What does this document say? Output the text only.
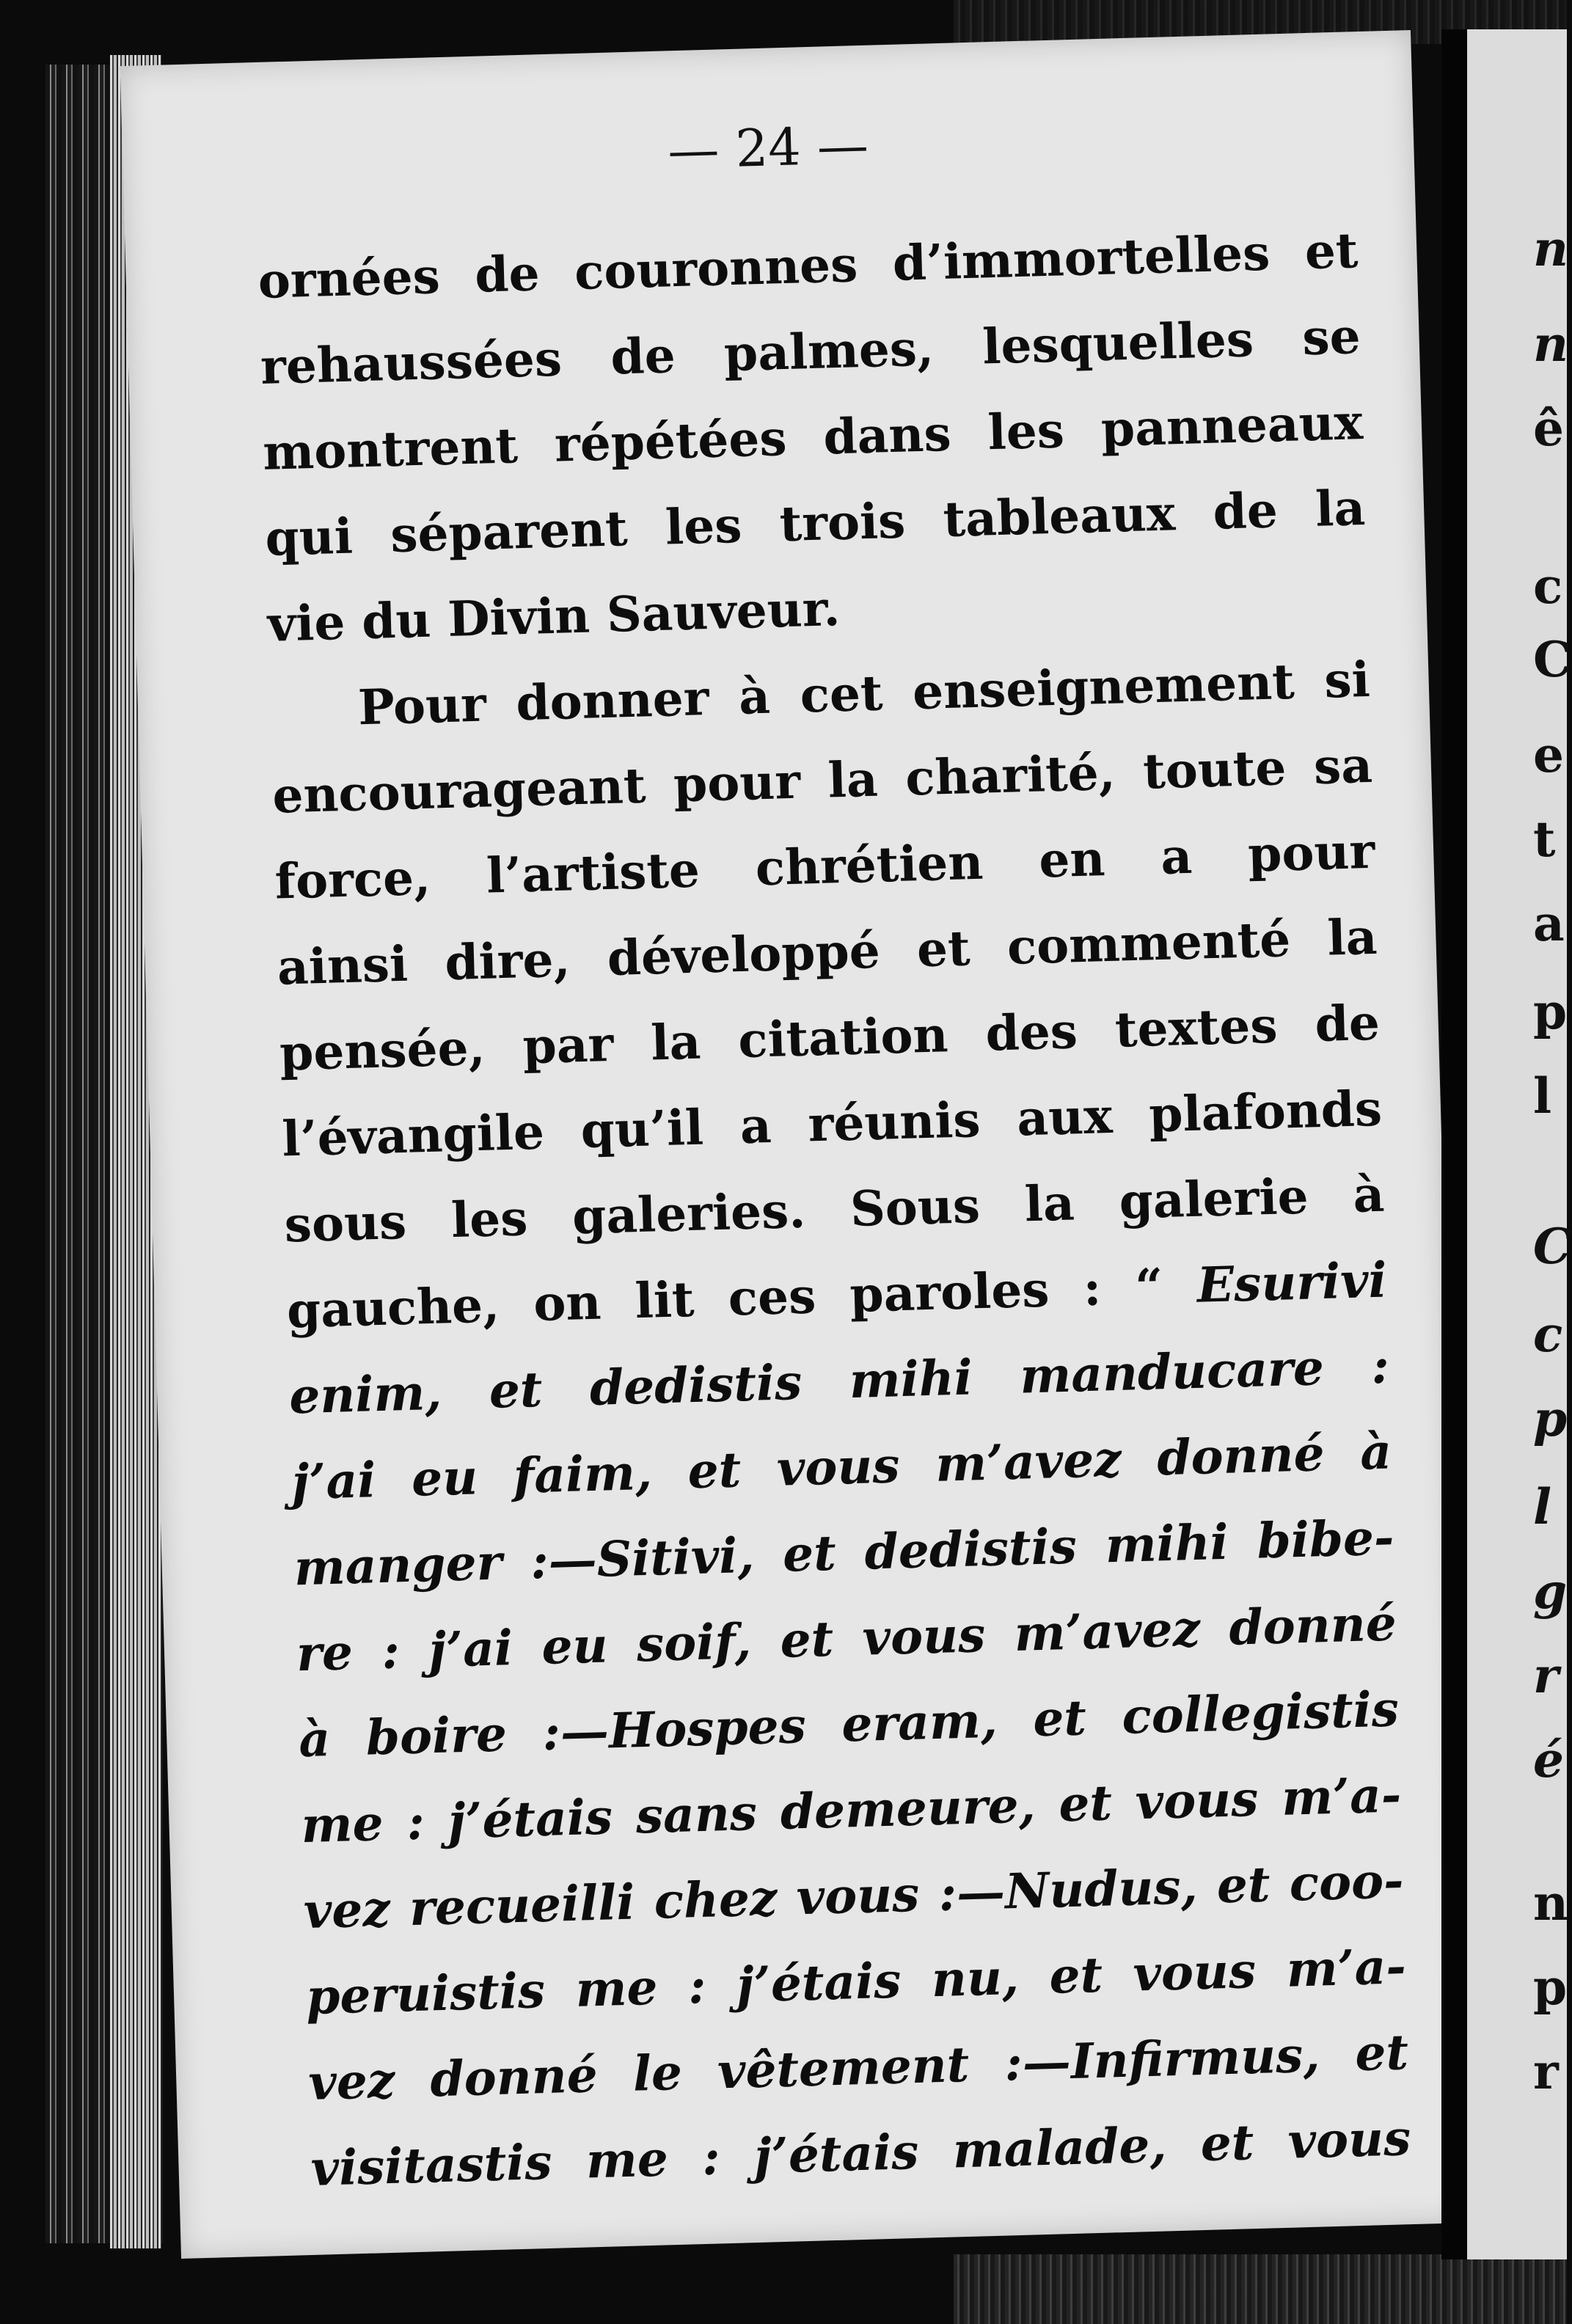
— 24 —
ornées de couronnes d’immortelles et
rehaussées de palmes, lesquelles se
montrent répétées dans les panneaux
qui séparent les trois tableaux de la
vie du Divin Sauveur.
Pour donner à cet enseignement si
encourageant pour la charité, toute sa
force, l’artiste chrétien en a pour
ainsi dire, développé et commenté la
pensée, par la citation des textes de
l’évangile qu’il a réunis aux plafonds
sous les galeries. Sous la galerie à
gauche, on lit ces paroles : “ Esurivi
enim, et dedistis mihi manducare :
j’ai eu faim, et vous m’avez donné à
manger :—Sitivi, et dedistis mihi bibe-
re : j’ai eu soif, et vous m’avez donné
à boire :—Hospes eram, et collegistis
me : j’étais sans demeure, et vous m’a-
vez recueilli chez vous :—Nudus, et coo-
peruistis me : j’étais nu, et vous m’a-
vez donné le vêtement :—Infirmus, et
visitastis me : j’étais malade, et vous
n
n
ê
c
C
e
t
a
p
l
C
c
p
l
g
r
é
n
p
r
